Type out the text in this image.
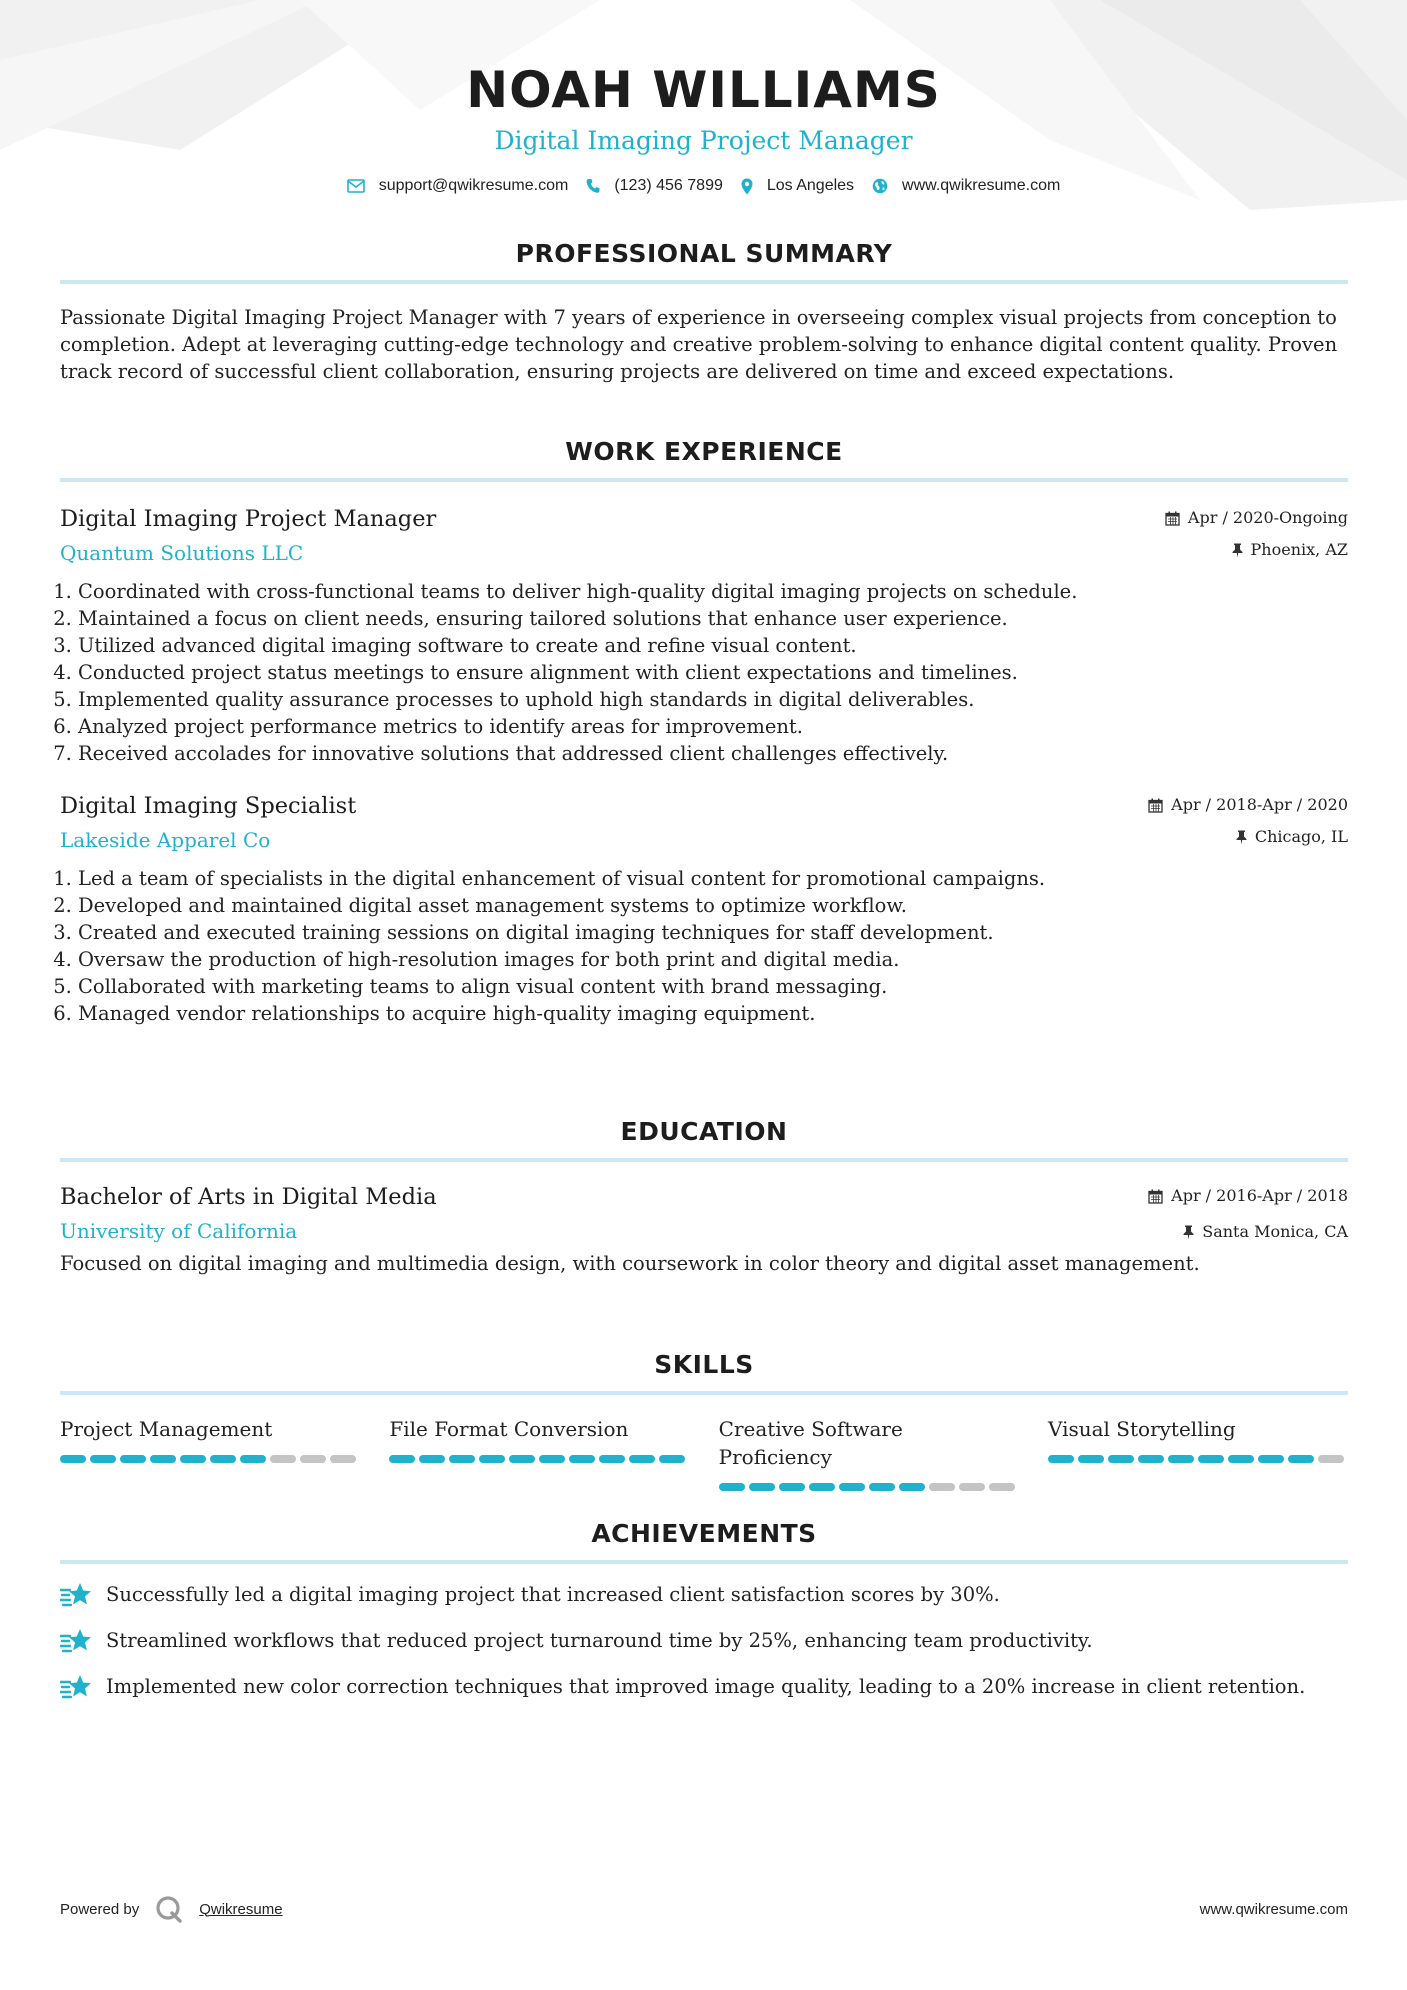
NOAH WILLIAMS
Digital Imaging Project Manager
support@qwikresume.com	(123) 456 7899	Los Angeles	www.qwikresume.com
PROFESSIONAL SUMMARY
Passionate Digital Imaging Project Manager with 7 years of experience in overseeing complex visual projects from conception to completion. Adept at leveraging cutting-edge technology and creative problem-solving to enhance digital content quality. Proven track record of successful client collaboration, ensuring projects are delivered on time and exceed expectations.
WORK EXPERIENCE
Digital Imaging Project Manager
Quantum Solutions LLC
Apr / 2020-Ongoing
Phoenix, AZ
1. Coordinated with cross-functional teams to deliver high-quality digital imaging projects on schedule.
2. Maintained a focus on client needs, ensuring tailored solutions that enhance user experience.
3. Utilized advanced digital imaging software to create and refine visual content.
4. Conducted project status meetings to ensure alignment with client expectations and timelines.
5. Implemented quality assurance processes to uphold high standards in digital deliverables.
6. Analyzed project performance metrics to identify areas for improvement.
7. Received accolades for innovative solutions that addressed client challenges effectively.
Digital Imaging Specialist
Lakeside Apparel Co
Apr / 2018-Apr / 2020
Chicago, IL
1. Led a team of specialists in the digital enhancement of visual content for promotional campaigns.
2. Developed and maintained digital asset management systems to optimize workflow.
3. Created and executed training sessions on digital imaging techniques for staff development.
4. Oversaw the production of high-resolution images for both print and digital media.
5. Collaborated with marketing teams to align visual content with brand messaging.
6. Managed vendor relationships to acquire high-quality imaging equipment.
EDUCATION
Bachelor of Arts in Digital Media
University of California
Apr / 2016-Apr / 2018
Santa Monica, CA
Focused on digital imaging and multimedia design, with coursework in color theory and digital asset management.
SKILLS
Project Management	File Format Conversion	Creative Software Proficiency
Visual Storytelling
ACHIEVEMENTS
Successfully led a digital imaging project that increased client satisfaction scores by 30%.
Streamlined workflows that reduced project turnaround time by 25%, enhancing team productivity.
Implemented new color correction techniques that improved image quality, leading to a 20% increase in client retention.
Powered by	Qwikresume	www.qwikresume.com
